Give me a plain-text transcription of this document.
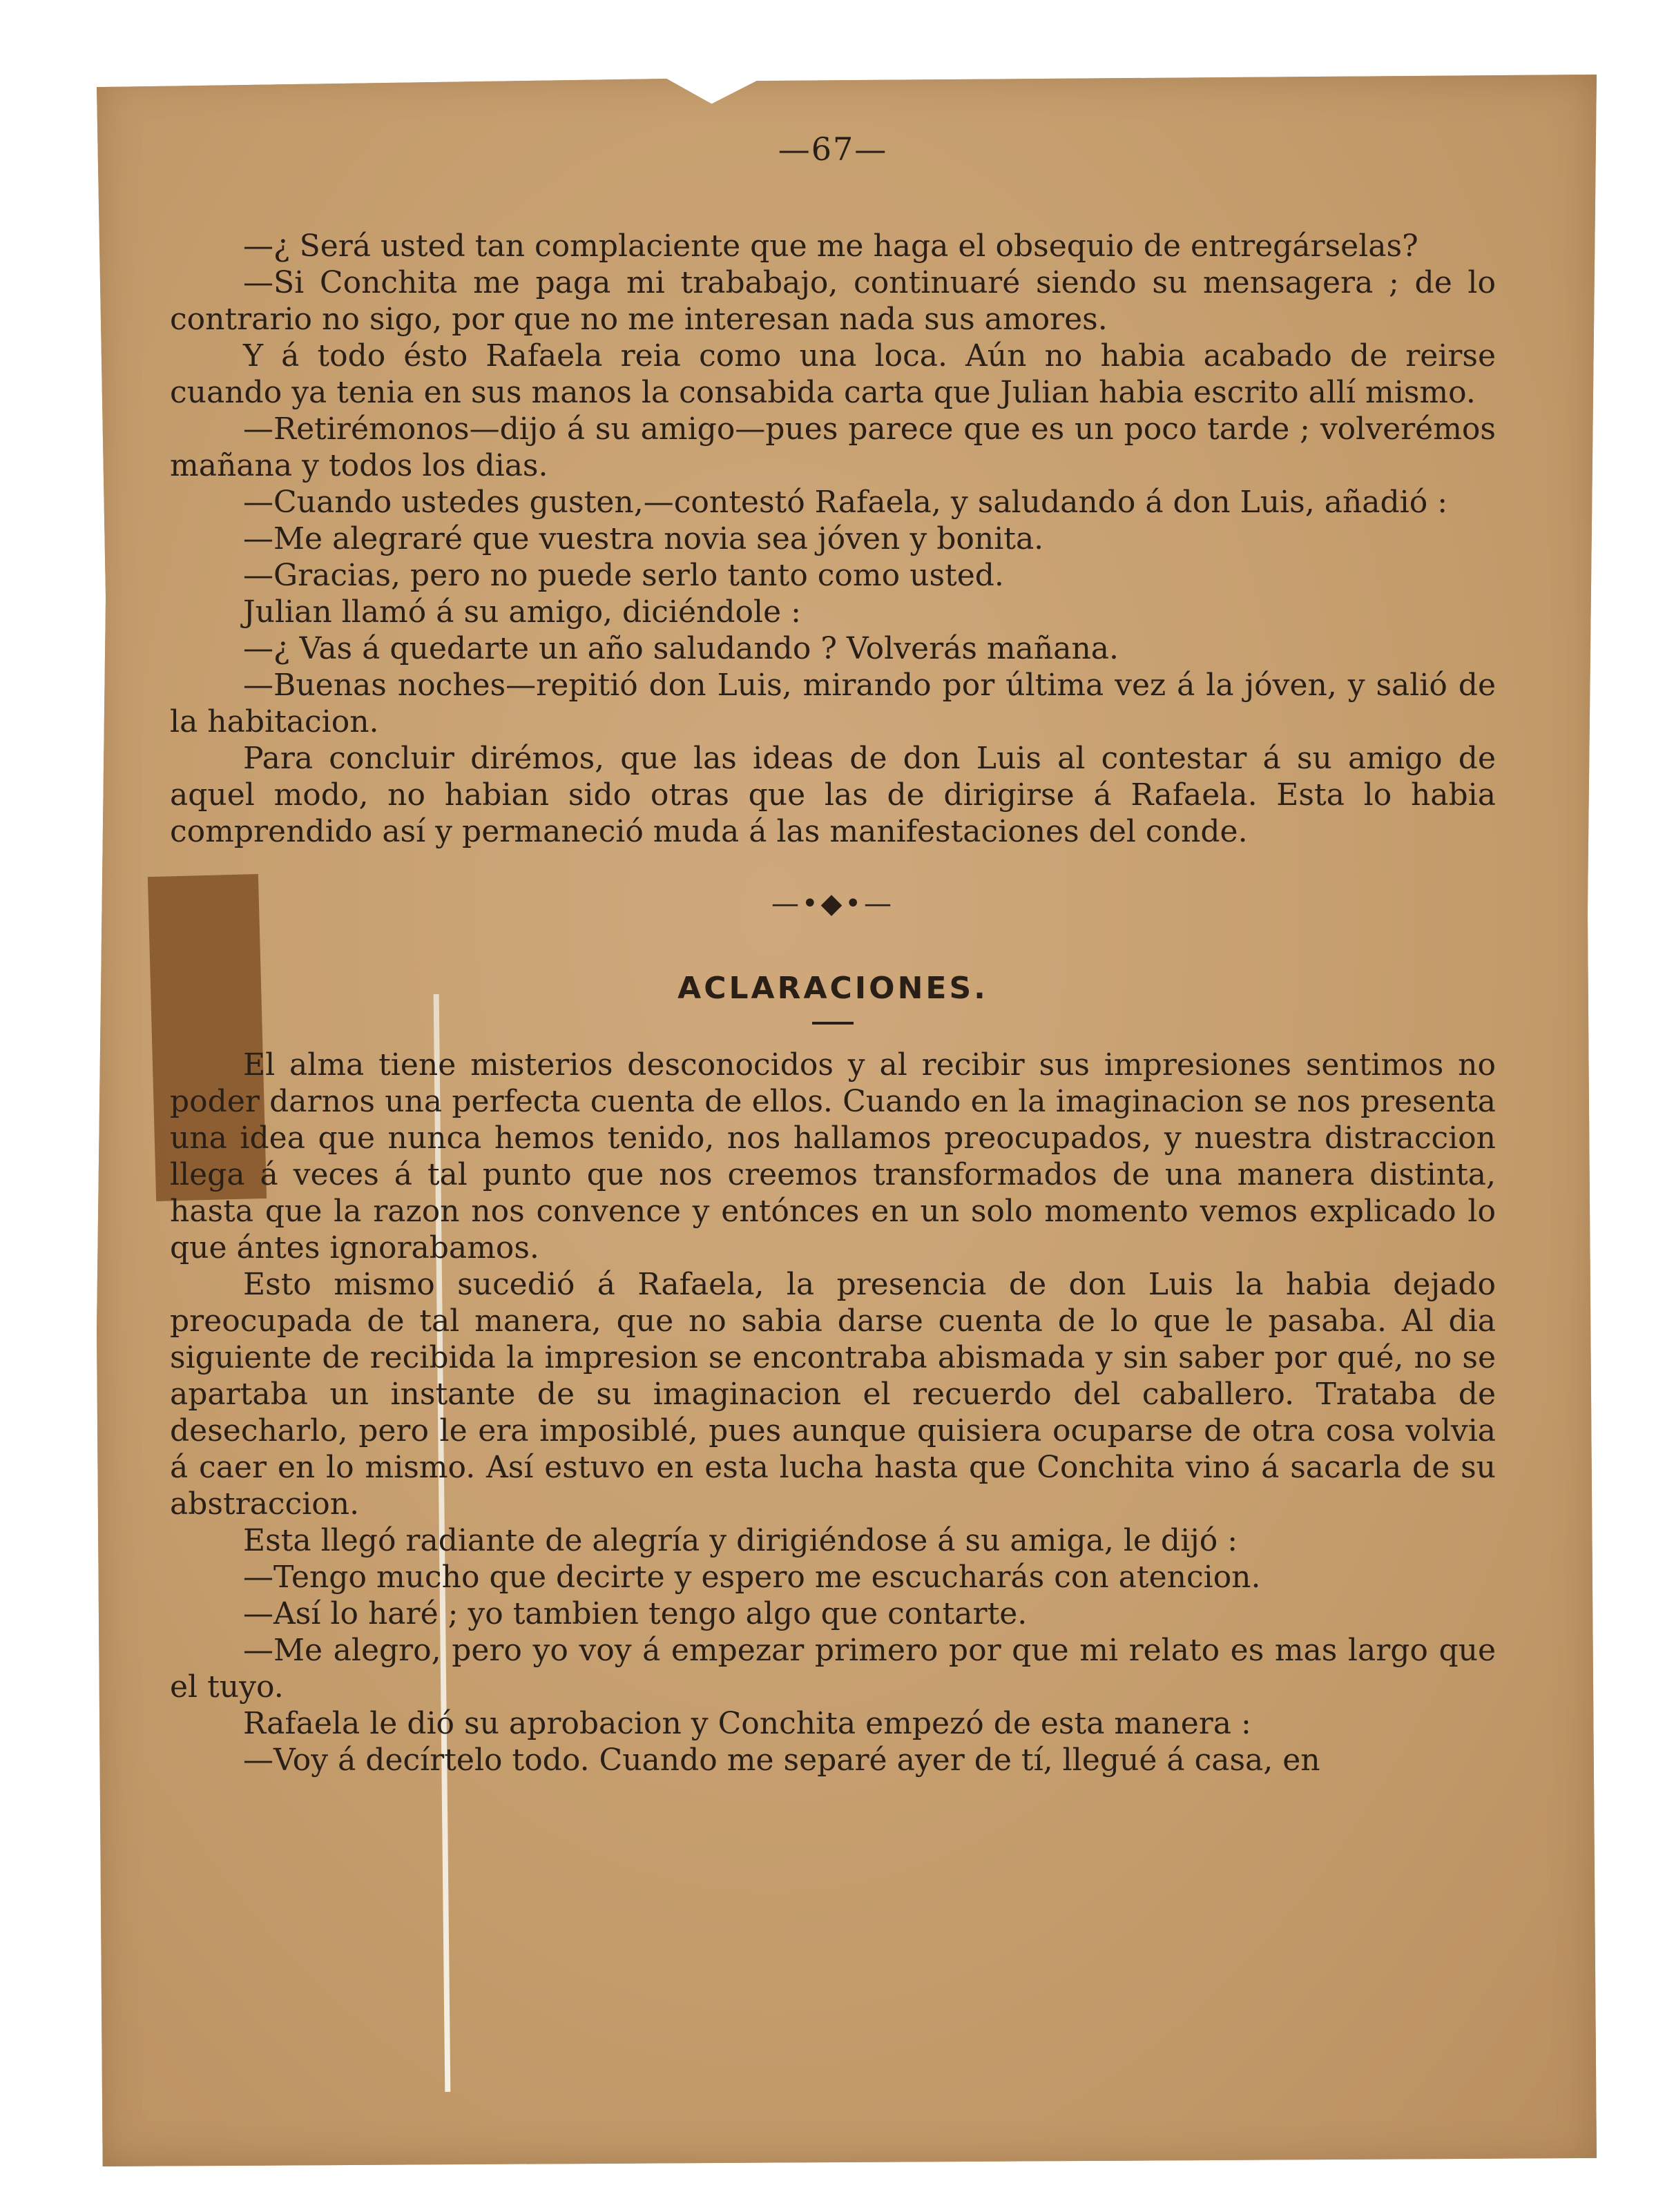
—67—

—¿ Será usted tan complaciente que me haga el obsequio de entregárselas?

—Si Conchita me paga mi trababajo, continuaré siendo su mensagera ; de lo contrario no sigo, por que no me interesan nada sus amores.

Y á todo ésto Rafaela reia como una loca. Aún no habia acabado de reirse cuando ya tenia en sus manos la consabida carta que Julian habia escrito allí mismo.

—Retirémonos—dijo á su amigo—pues parece que es un poco tarde ; volverémos mañana y todos los dias.

—Cuando ustedes gusten,—contestó Rafaela, y saludando á don Luis, añadió :

—Me alegraré que vuestra novia sea jóven y bonita.

—Gracias, pero no puede serlo tanto como usted.

Julian llamó á su amigo, diciéndole :

—¿ Vas á quedarte un año saludando ? Volverás mañana.

—Buenas noches—repitió don Luis, mirando por última vez á la jóven, y salió de la habitacion.

Para concluir dirémos, que las ideas de don Luis al contestar á su amigo de aquel modo, no habian sido otras que las de dirigirse á Rafaela. Esta lo habia comprendido así y permaneció muda á las manifestaciones del conde.

—•◆•—
ACLARACIONES.

El alma tiene misterios desconocidos y al recibir sus impresiones sentimos no poder darnos una perfecta cuenta de ellos. Cuando en la imaginacion se nos presenta una idea que nunca hemos tenido, nos hallamos preocupados, y nuestra distraccion llega á veces á tal punto que nos creemos transformados de una manera distinta, hasta que la razon nos convence y entónces en un solo momento vemos explicado lo que ántes ignorabamos.

Esto mismo sucedió á Rafaela, la presencia de don Luis la habia dejado preocupada de tal manera, que no sabia darse cuenta de lo que le pasaba. Al dia siguiente de recibida la impresion se encontraba abismada y sin saber por qué, no se apartaba un instante de su imaginacion el recuerdo del caballero. Trataba de desecharlo, pero le era imposiblé, pues aunque quisiera ocuparse de otra cosa volvia á caer en lo mismo. Así estuvo en esta lucha hasta que Conchita vino á sacarla de su abstraccion.

Esta llegó radiante de alegría y dirigiéndose á su amiga, le dijó :

—Tengo mucho que decirte y espero me escucharás con atencion.

—Así lo haré ; yo tambien tengo algo que contarte.

—Me alegro, pero yo voy á empezar primero por que mi relato es mas largo que el tuyo.

Rafaela le dió su aprobacion y Conchita empezó de esta manera :

—Voy á decírtelo todo. Cuando me separé ayer de tí, llegué á casa, en
